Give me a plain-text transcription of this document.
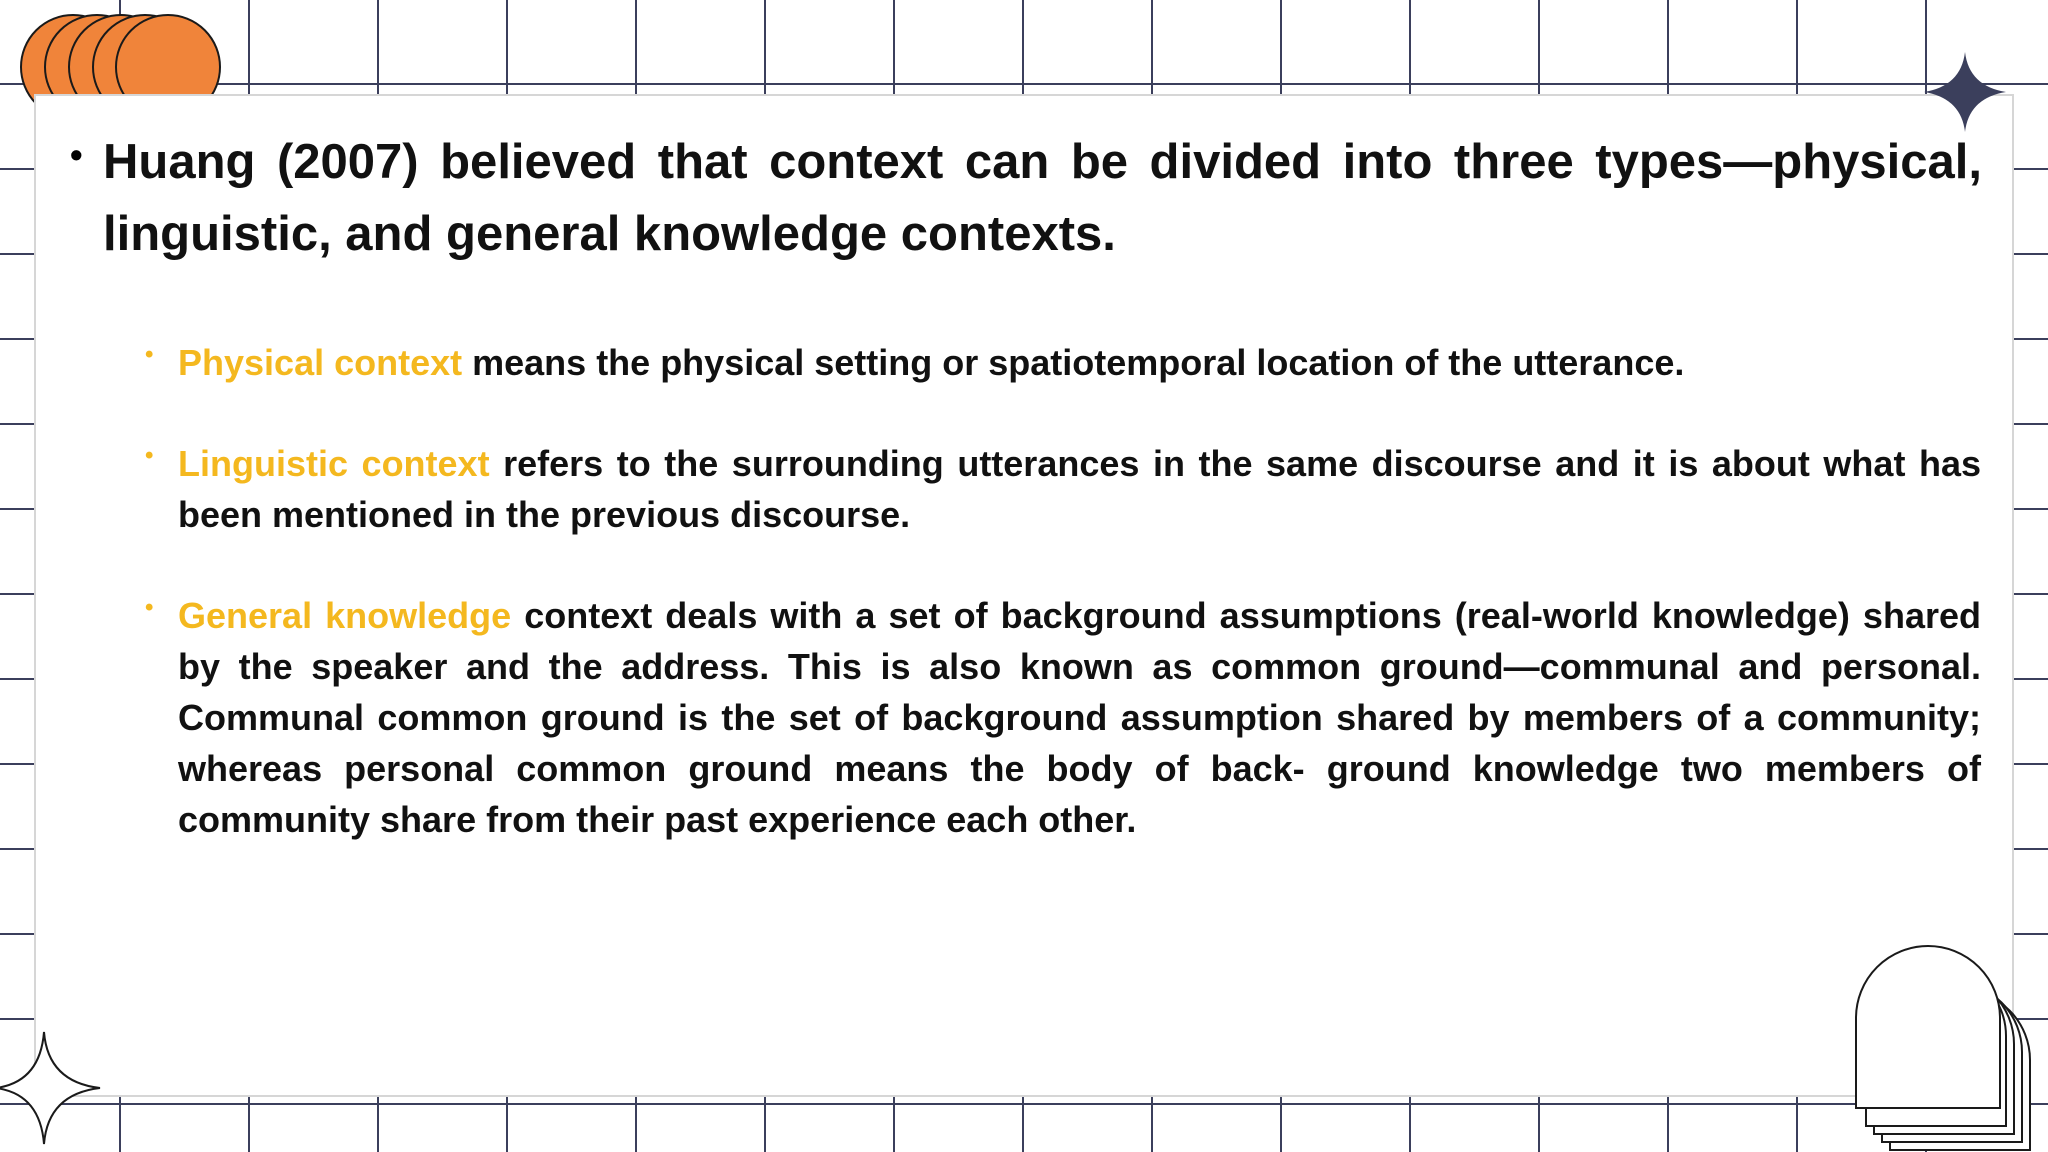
• Huang (2007) believed that context can be divided into three types—physical, linguistic, and general knowledge contexts.

• Physical context means the physical setting or spatiotemporal location of the utterance.

• Linguistic context refers to the surrounding utterances in the same discourse and it is about what has been mentioned in the previous discourse.

• General knowledge context deals with a set of background assumptions (real-world knowledge) shared by the speaker and the address. This is also known as common ground—communal and personal. Communal common ground is the set of background assumption shared by members of a community; whereas personal common ground means the body of back- ground knowledge two members of community share from their past experience each other.
